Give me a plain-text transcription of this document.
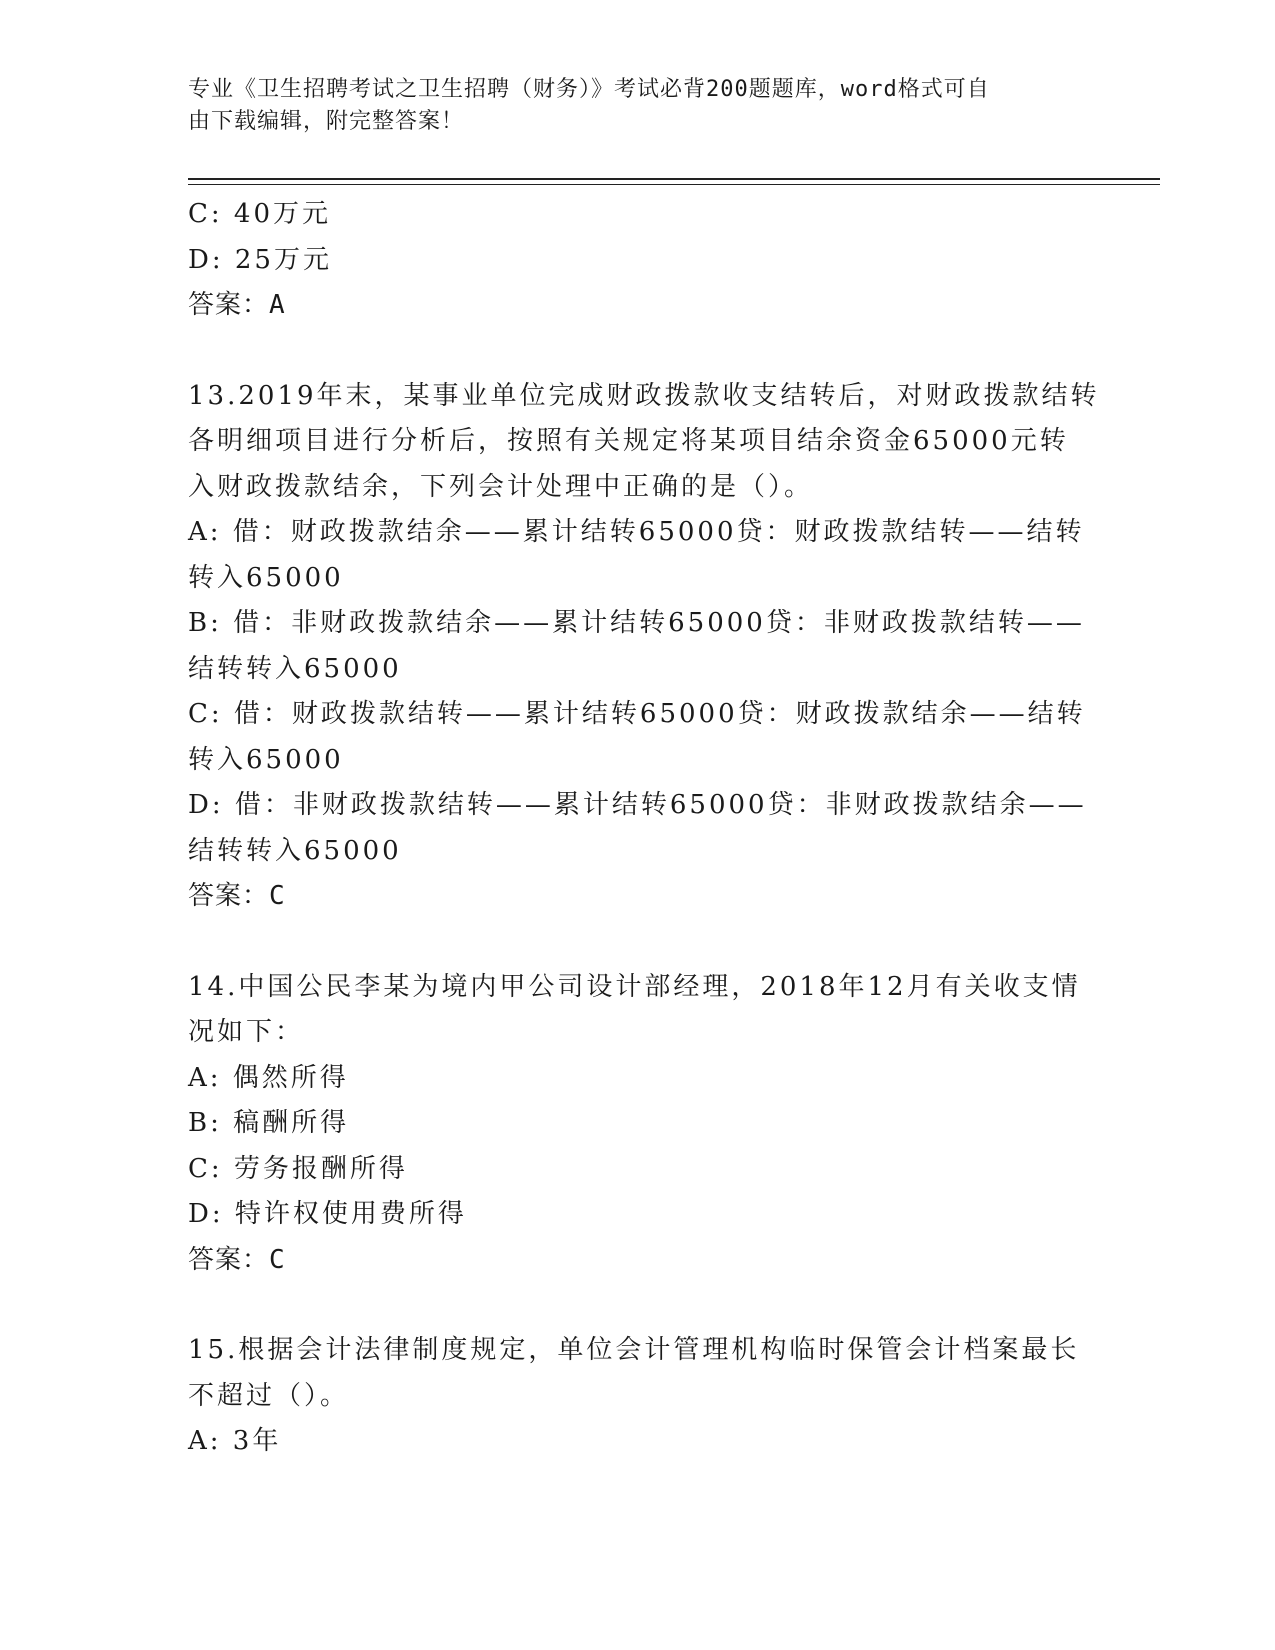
专业《卫生招聘考试之卫生招聘（财务）》考试必背200题题库，word格式可自
由下载编辑，附完整答案！
C: 40万元
D: 25万元
答案：A
13.2019年末，某事业单位完成财政拨款收支结转后，对财政拨款结转
各明细项目进行分析后，按照有关规定将某项目结余资金65000元转
入财政拨款结余，下列会计处理中正确的是（）。
A: 借：财政拨款结余——累计结转65000贷：财政拨款结转——结转
转入65000
B: 借：非财政拨款结余——累计结转65000贷：非财政拨款结转——
结转转入65000
C: 借：财政拨款结转——累计结转65000贷：财政拨款结余——结转
转入65000
D: 借：非财政拨款结转——累计结转65000贷：非财政拨款结余——
结转转入65000
答案：C
14.中国公民李某为境内甲公司设计部经理，2018年12月有关收支情
况如下：
A: 偶然所得
B: 稿酬所得
C: 劳务报酬所得
D: 特许权使用费所得
答案：C
15.根据会计法律制度规定，单位会计管理机构临时保管会计档案最长
不超过（）。
A: 3年
